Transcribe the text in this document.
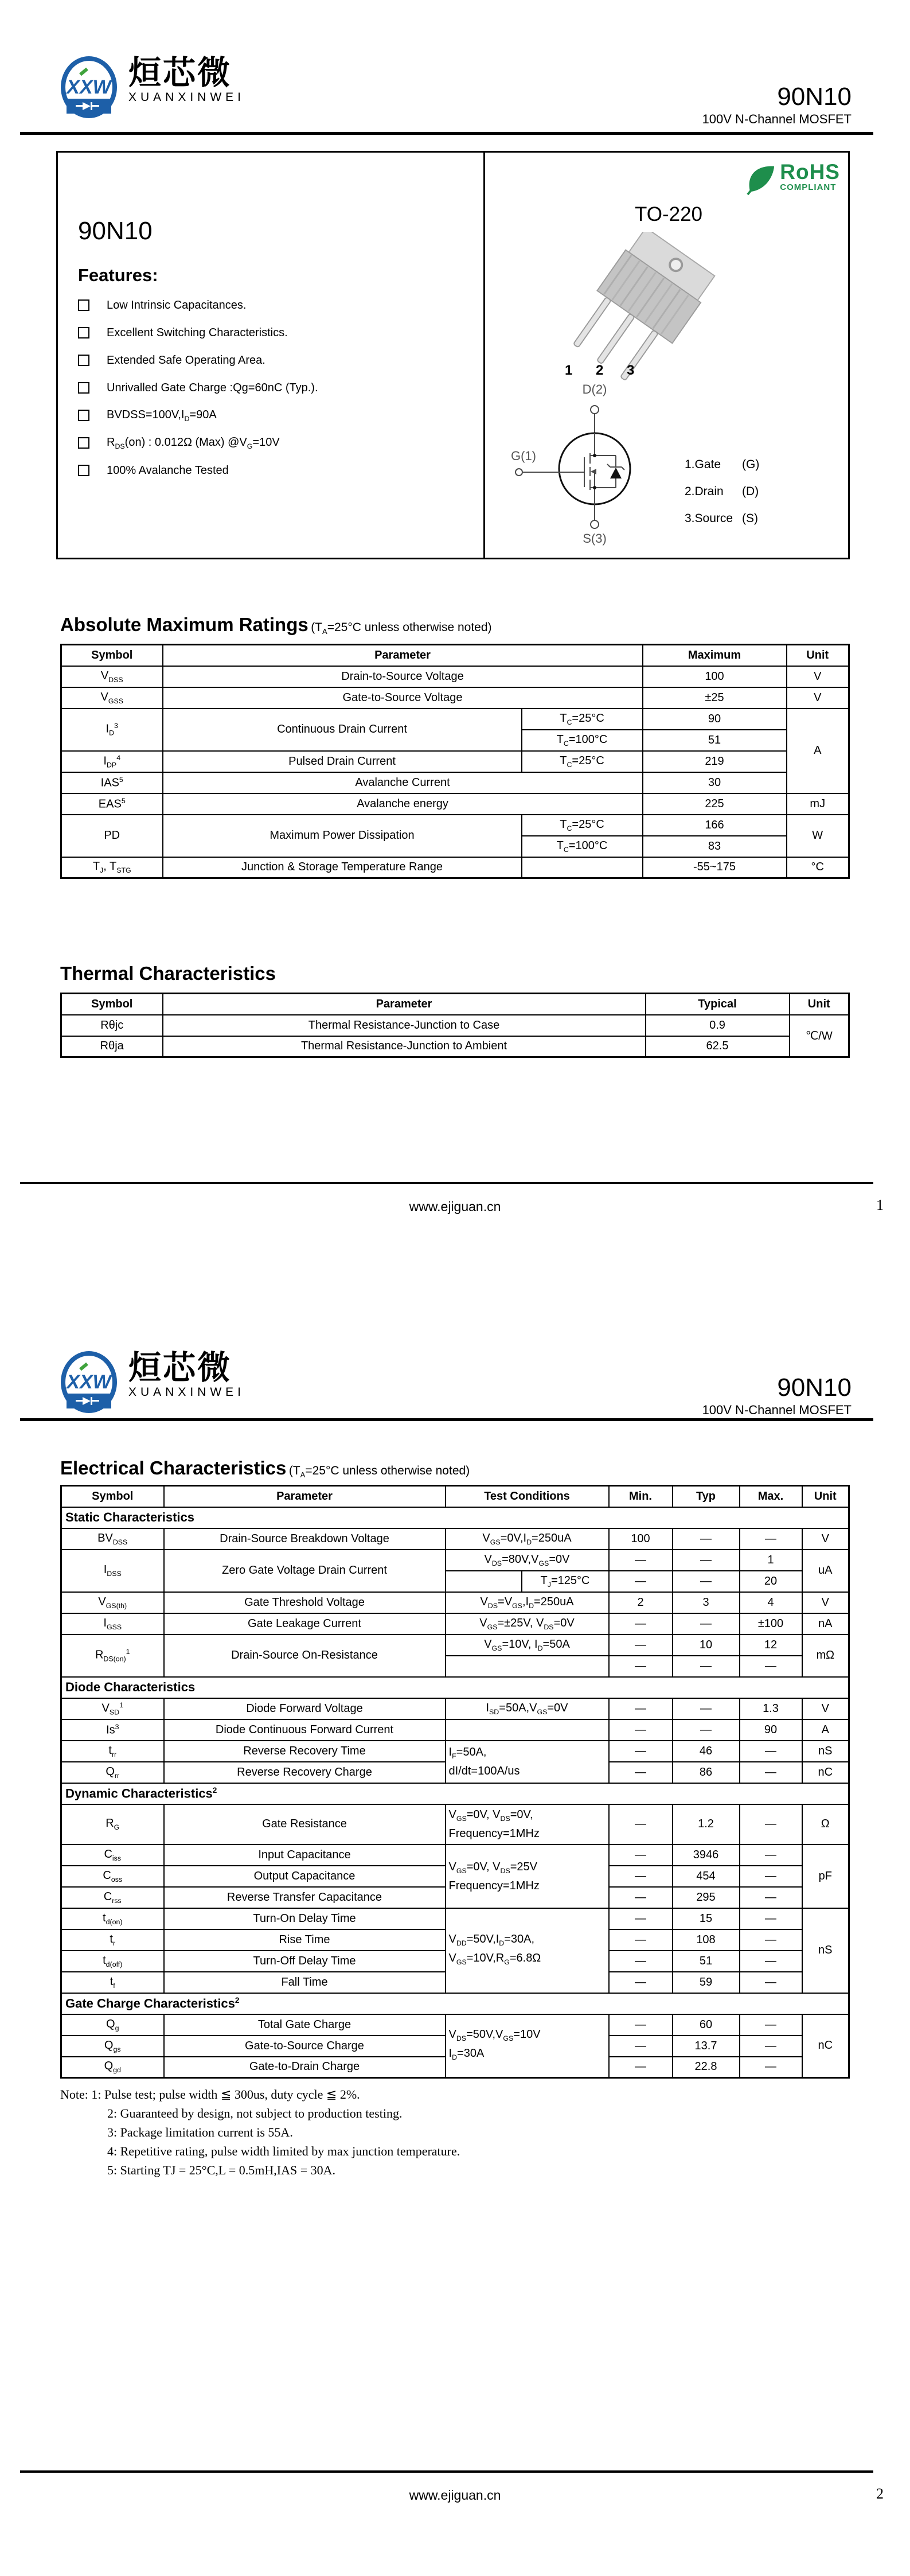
XXW 烜芯微
XUANXINWEI	90N10
100V N-Channel MOSFET
90N10
Features:
Low Intrinsic Capacitances.
Excellent Switching Characteristics.
Extended Safe Operating Area.
Unrivalled Gate Charge :Qg=60nC (Typ.).
$BVDSS=100V,I_D=90A$
$R_{DS}(on)$ : 0.012Ω (Max) $@V_G=10V$
100% Avalanche Tested
RoHS
COMPLIANT
TO-220
1 2 3
D(2)
G(1)
S(3)
1.Gate	(G)
2.Drain	(D)
3.Source (S)
Absolute Maximum Ratings ($T_A=25^\circ C$ unless otherwise noted)
Symbol	Parameter		Maximum	Unit
$V_{DSS}$	Drain-to-Source Voltage		100	V
$V_{GSS}$	Gate-to-Source Voltage		±25	V
$I_D^3$	Continuous Drain Current	$T_C=25^\circ C$	90	A
		$T_C=100^\circ C$	51	
$I_{DP}^4$	Pulsed Drain Current	$T_C=25^\circ C$	219	
IAS$^5$	Avalanche Current		30	
EAS$^5$	Avalanche energy		225	mJ
PD	Maximum Power Dissipation	$T_C=25^\circ C$	166	W
		$T_C=100^\circ C$	83	
$T_J$, $T_{STG}$	Junction & Storage Temperature Range		-55~175	°C
Thermal Characteristics
Symbol	Parameter	Typical	Unit
Rθjc	Thermal Resistance-Junction to Case	0.9	℃/W
Rθja	Thermal Resistance-Junction to Ambient	62.5	
www.ejiguan.cn	1
XXW 烜芯微
XUANXINWEI	90N10
100V N-Channel MOSFET
Electrical Characteristics ($T_A=25^\circ C$ unless otherwise noted)
Symbol	Parameter	Test Conditions		Min.	Typ	Max.	Unit
Static Characteristics							
$BV_{DSS}$	Drain-Source Breakdown Voltage	$V_{GS}=0V,I_D=250uA$		100	—	—	V
$I_{DSS}$	Zero Gate Voltage Drain Current	$V_{DS}=80V,V_{GS}=0V$		—	—	1	uA
			$T_J=125^\circ C$	—	—	20	
$V_{GS(th)}$	Gate Threshold Voltage	$V_{DS}=V_{GS},I_D=250uA$		2	3	4	V
$I_{GSS}$	Gate Leakage Current	$V_{GS}=\pm 25V$, $V_{DS}=0V$		—	—	±100	nA
$R_{DS(on)}^1$	Drain-Source On-Resistance	$V_{GS}=10V$, $I_D=50A$		—	10	12	mΩ
				—	—	—	
Diode Characteristics							
$V_{SD}^1$	Diode Forward Voltage	$I_{SD}=50A,V_{GS}=0V$		—	—	1.3	V
Is$^3$	Diode Continuous Forward Current			—	—	90	A
$t_{rr}$	Reverse Recovery Time	$I_F=50A$,
dI/dt=100A/us		—	46	—	nS
$Q_{rr}$	Reverse Recovery Charge			—	86	—	nC
Dynamic Characteristics$^2$
$R_G$	Gate Resistance	$V_{GS}=0V$, $V_{DS}=0V$,
Frequency=1MHz		—	1.2	—	Ω
$C_{iss}$	Input Capacitance	$V_{GS}=0V$, $V_{DS}=25V$
Frequency=1MHz		—	3946	—	pF
$C_{oss}$	Output Capacitance			—	454	—	
$C_{rss}$	Reverse Transfer Capacitance			—	295	—	
$t_{d(on)}$	Turn-On Delay Time	$V_{DD}=50V,I_D=30A$,
$V_{GS}=10V,R_G=6.8\Omega$		—	15	—	nS
$t_r$	Rise Time			—	108	—	
$t_{d(off)}$	Turn-Off Delay Time			—	51	—	
$t_f$	Fall Time			—	59	—	
Gate Charge Characteristics$^2$
$Q_g$	Total Gate Charge	$V_{DS}=50V,V_{GS}=10V$
$I_D=30A$		—	60	—	nC
$Q_{gs}$	Gate-to-Source Charge			—	13.7	—	
$Q_{gd}$	Gate-to-Drain Charge			—	22.8	—	

Note: 1: Pulse test; pulse width ≦ 300us, duty cycle ≦ 2%.

2: Guaranteed by design, not subject to production testing.

3: Package limitation current is 55A.

4: Repetitive rating, pulse width limited by max junction temperature.

5: Starting TJ = 25°C,L = 0.5mH,IAS = 30A.

www.ejiguan.cn	2
